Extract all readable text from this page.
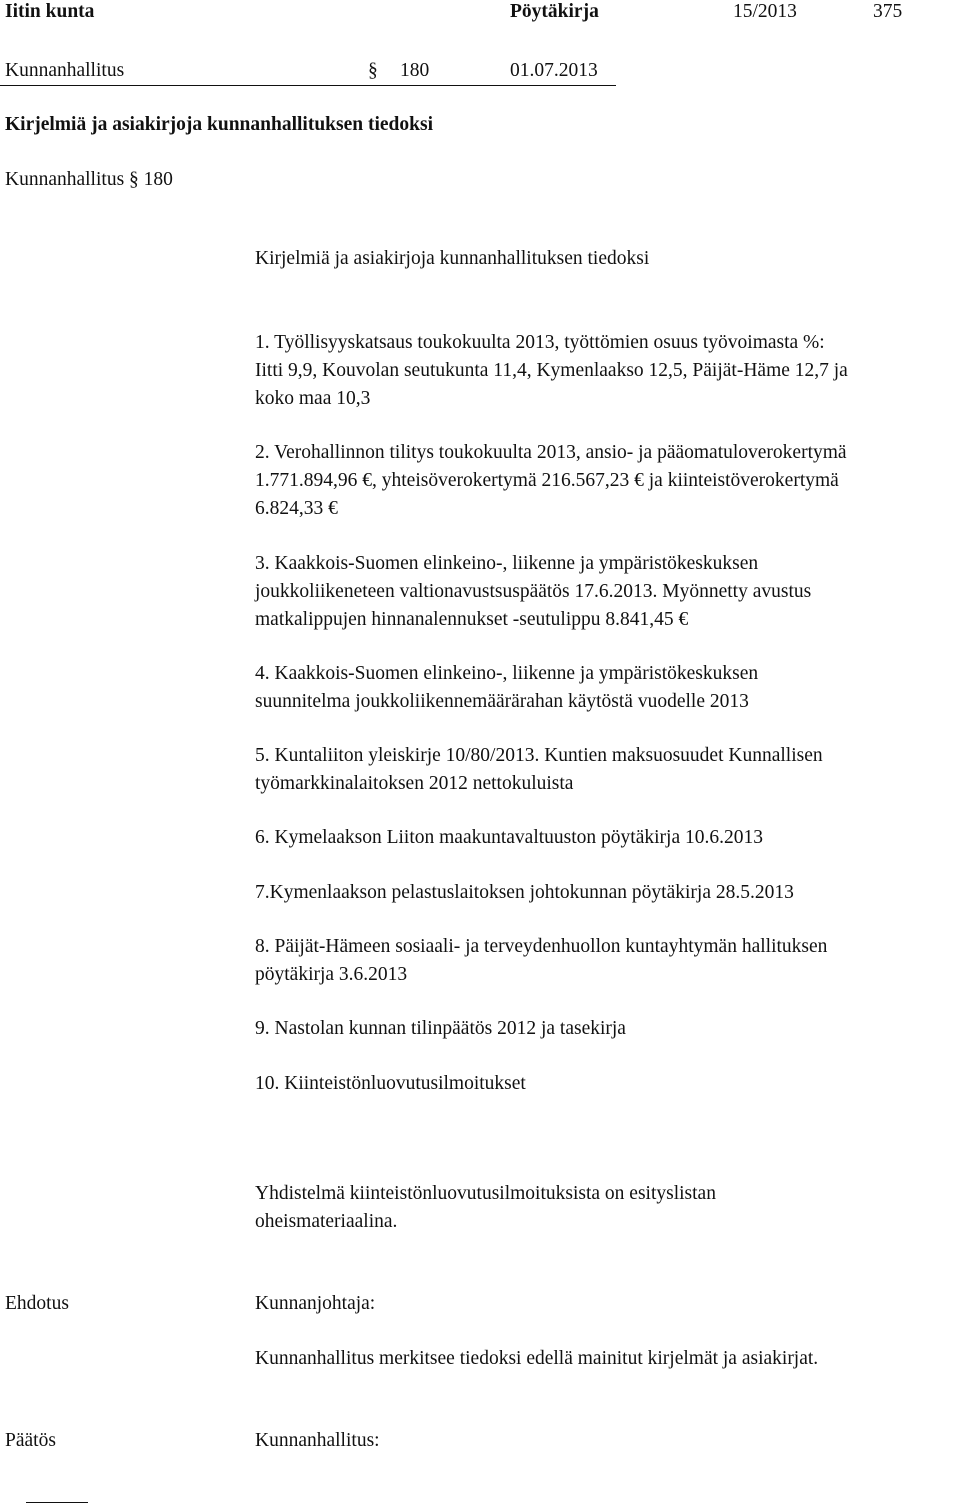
Iitin kunta	Pöytäkirja	15/2013	375
Kunnanhallitus	§ 180	01.07.2013
Kirjelmiä ja asiakirjoja kunnanhallituksen tiedoksi
Kunnanhallitus § 180
Kirjelmiä ja asiakirjoja kunnanhallituksen tiedoksi
1. Työllisyyskatsaus toukokuulta 2013, työttömien osuus työvoimasta %:
Iitti 9,9, Kouvolan seutukunta 11,4, Kymenlaakso 12,5, Päijät-Häme 12,7 ja
koko maa 10,3
2. Verohallinnon tilitys toukokuulta 2013, ansio- ja pääomatuloverokertymä
1.771.894,96 €, yhteisöverokertymä 216.567,23 € ja kiinteistöverokertymä
6.824,33 €
3. Kaakkois-Suomen elinkeino-, liikenne ja ympäristökeskuksen
joukkoliikeneteen valtionavustsuspäätös 17.6.2013. Myönnetty avustus
matkalippujen hinnanalennukset -seutulippu 8.841,45 €
4. Kaakkois-Suomen elinkeino-, liikenne ja ympäristökeskuksen
suunnitelma joukkoliikennemäärärahan käytöstä vuodelle 2013
5. Kuntaliiton yleiskirje 10/80/2013. Kuntien maksuosuudet Kunnallisen
työmarkkinalaitoksen 2012 nettokuluista
6. Kymelaakson Liiton maakuntavaltuuston pöytäkirja 10.6.2013
7.Kymenlaakson pelastuslaitoksen johtokunnan pöytäkirja 28.5.2013
8. Päijät-Hämeen sosiaali- ja terveydenhuollon kuntayhtymän hallituksen
pöytäkirja 3.6.2013
9. Nastolan kunnan tilinpäätös 2012 ja tasekirja
10. Kiinteistönluovutusilmoitukset
Yhdistelmä kiinteistönluovutusilmoituksista on esityslistan
oheismateriaalina.
Ehdotus	Kunnanjohtaja:
Kunnanhallitus merkitsee tiedoksi edellä mainitut kirjelmät ja asiakirjat.
Päätös	Kunnanhallitus:
